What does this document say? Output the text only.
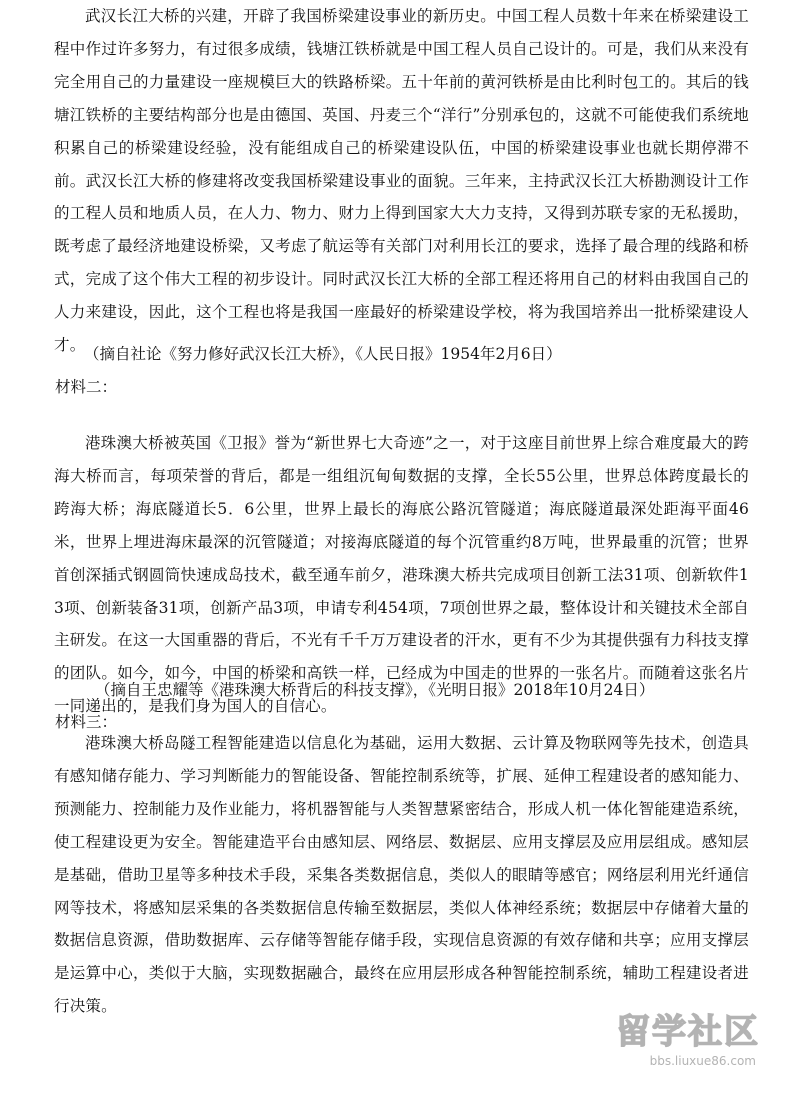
武汉长江大桥的兴建，开辟了我国桥梁建设事业的新历史。中国工程人员数十年来在桥梁建设工程中作过许多努力，有过很多成绩，钱塘江铁桥就是中国工程人员自己设计的。可是，我们从来没有完全用自己的力量建设一座规模巨大的铁路桥梁。五十年前的黄河铁桥是由比利时包工的。其后的钱塘江铁桥的主要结构部分也是由德国、英国、丹麦三个“洋行”分别承包的，这就不可能使我们系统地积累自己的桥梁建设经验，没有能组成自己的桥梁建设队伍，中国的桥梁建设事业也就长期停滞不前。武汉长江大桥的修建将改变我国桥梁建设事业的面貌。三年来，主持武汉长江大桥勘测设计工作的工程人员和地质人员，在人力、物力、财力上得到国家大大力支持，又得到苏联专家的无私援助，既考虑了最经济地建设桥梁，又考虑了航运等有关部门对利用长江的要求，选择了最合理的线路和桥式，完成了这个伟大工程的初步设计。同时武汉长江大桥的全部工程还将用自己的材料由我国自己的人力来建设，因此，这个工程也将是我国一座最好的桥梁建设学校，将为我国培养出一批桥梁建设人才。
（摘自社论《努力修好武汉长江大桥》，《人民日报》1954年2月6日）
材料二：
港珠澳大桥被英国《卫报》誉为“新世界七大奇迹”之一，对于这座目前世界上综合难度最大的跨海大桥而言，每项荣誉的背后，都是一组组沉甸甸数据的支撑，全长55公里，世界总体跨度最长的跨海大桥；海底隧道长5．6公里，世界上最长的海底公路沉管隧道；海底隧道最深处距海平面46米，世界上埋进海床最深的沉管隧道；对接海底隧道的每个沉管重约8万吨，世界最重的沉管；世界首创深插式钢圆筒快速成岛技术，截至通车前夕，港珠澳大桥共完成项目创新工法31项、创新软件13项、创新装备31项，创新产品3项，申请专利454项，7项创世界之最，整体设计和关键技术全部自主研发。在这一大国重器的背后，不光有千千万万建设者的汗水，更有不少为其提供强有力科技支撑的团队。如今，如今，中国的桥梁和高铁一样，已经成为中国走的世界的一张名片。而随着这张名片一同递出的，是我们身为国人的自信心。
（摘自王忠耀等《港珠澳大桥背后的科技支撑》，《光明日报》2018年10月24日）
材料三：
港珠澳大桥岛隧工程智能建造以信息化为基础，运用大数据、云计算及物联网等先技术，创造具有感知储存能力、学习判断能力的智能设备、智能控制系统等，扩展、延伸工程建设者的感知能力、预测能力、控制能力及作业能力，将机器智能与人类智慧紧密结合，形成人机一体化智能建造系统，使工程建设更为安全。智能建造平台由感知层、网络层、数据层、应用支撑层及应用层组成。感知层是基础，借助卫星等多种技术手段，采集各类数据信息，类似人的眼睛等感官；网络层利用光纤通信网等技术，将感知层采集的各类数据信息传输至数据层，类似人体神经系统；数据层中存储着大量的数据信息资源，借助数据库、云存储等智能存储手段，实现信息资源的有效存储和共享；应用支撑层是运算中心，类似于大脑，实现数据融合，最终在应用层形成各种智能控制系统，辅助工程建设者进行决策。
留学社区
bbs.liuxue86.com
